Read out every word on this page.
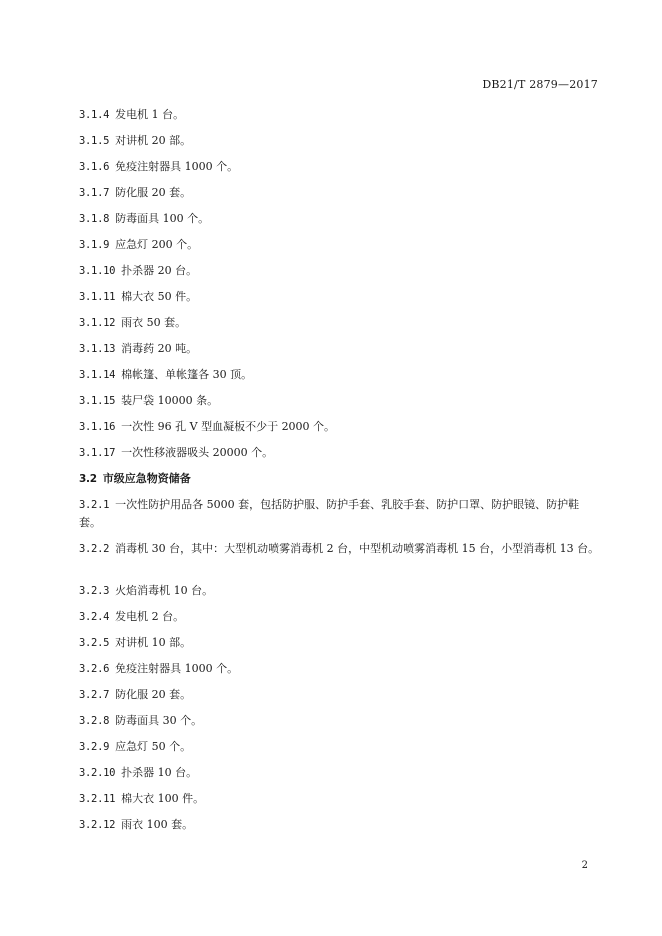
DB21/T 2879—2017
3.1.4 发电机 1 台。
3.1.5 对讲机 20 部。
3.1.6 免疫注射器具 1000 个。
3.1.7 防化服 20 套。
3.1.8 防毒面具 100 个。
3.1.9 应急灯 200 个。
3.1.10 扑杀器 20 台。
3.1.11 棉大衣 50 件。
3.1.12 雨衣 50 套。
3.1.13 消毒药 20 吨。
3.1.14 棉帐篷、单帐篷各 30 顶。
3.1.15 装尸袋 10000 条。
3.1.16 一次性 96 孔 V 型血凝板不少于 2000 个。
3.1.17 一次性移液器吸头 20000 个。
3.2 市级应急物资储备
3.2.1 一次性防护用品各 5000 套，包括防护服、防护手套、乳胶手套、防护口罩、防护眼镜、防护鞋套。
3.2.2 消毒机 30 台，其中：大型机动喷雾消毒机 2 台，中型机动喷雾消毒机 15 台，小型消毒机 13 台。
3.2.3 火焰消毒机 10 台。
3.2.4 发电机 2 台。
3.2.5 对讲机 10 部。
3.2.6 免疫注射器具 1000 个。
3.2.7 防化服 20 套。
3.2.8 防毒面具 30 个。
3.2.9 应急灯 50 个。
3.2.10 扑杀器 10 台。
3.2.11 棉大衣 100 件。
3.2.12 雨衣 100 套。
2
